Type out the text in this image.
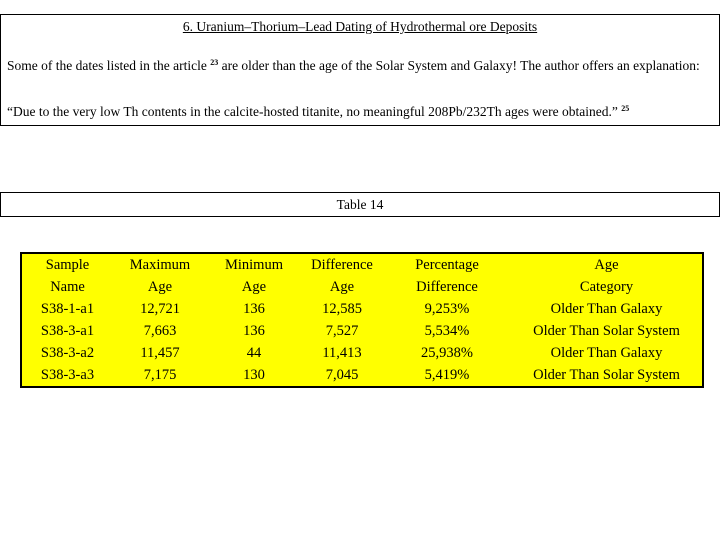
6. Uranium–Thorium–Lead Dating of Hydrothermal ore Deposits
Some of the dates listed in the article $^{23}$ are older than the age of the Solar System and Galaxy! The author offers an explanation:
“Due to the very low Th contents in the calcite-hosted titanite, no meaningful 208Pb/232Th ages were obtained.” $^{25}$
Table 14
Sample	Maximum	Minimum	Difference	Percentage	Age
Name	Age	Age	Age	Difference	Category
S38-1-a1	12,721	136	12,585	9,253%	Older Than Galaxy
S38-3-a1	7,663	136	7,527	5,534%	Older Than Solar System
S38-3-a2	11,457	44	11,413	25,938%	Older Than Galaxy
S38-3-a3	7,175	130	7,045	5,419%	Older Than Solar System
